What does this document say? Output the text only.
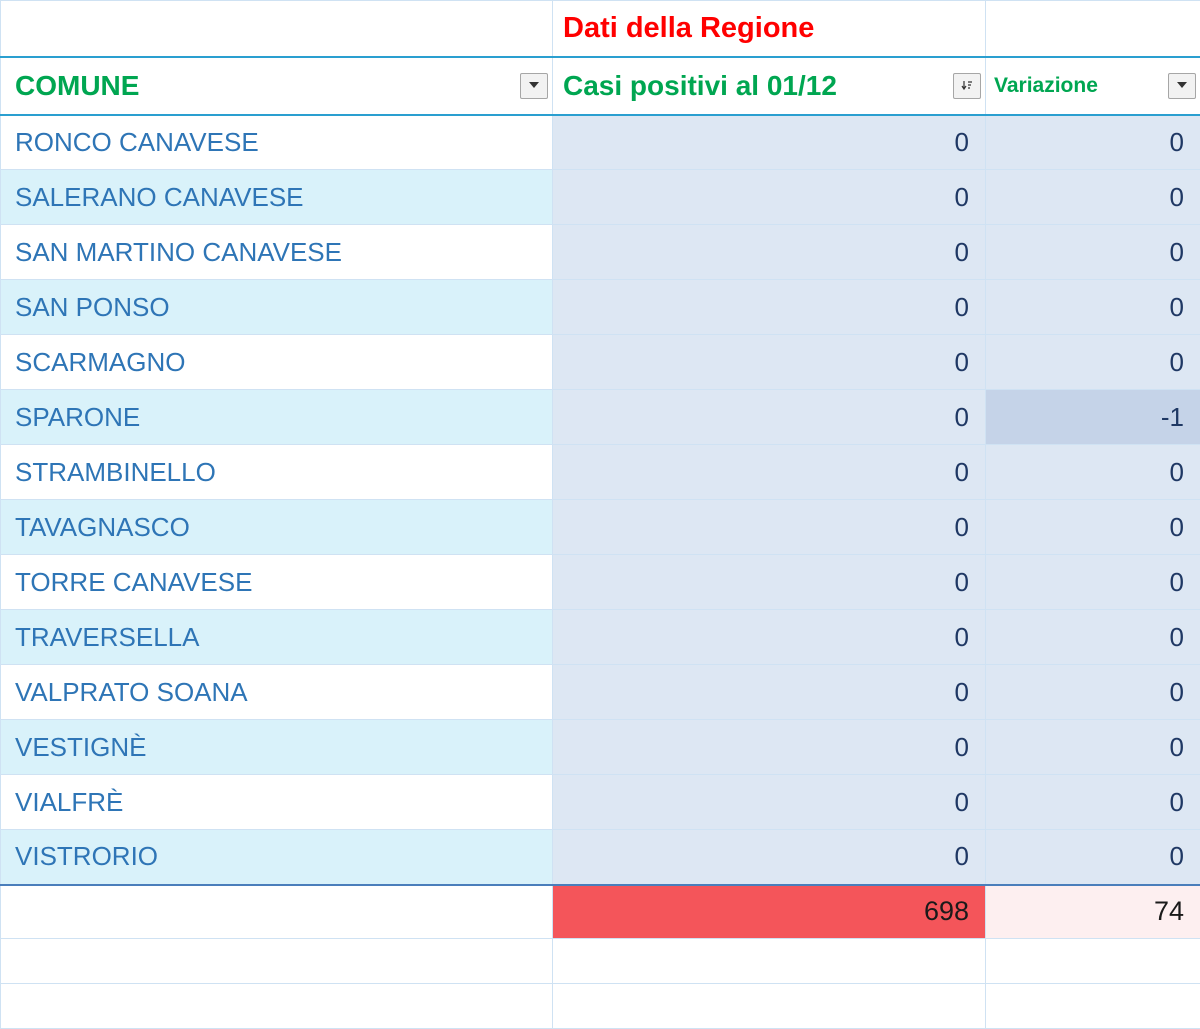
	Dati della Regione	
COMUNE	Casi positivi al 01/12	Variazione

RONCO CANAVESE	0	0
SALERANO CANAVESE	0	0
SAN MARTINO CANAVESE	0	0
SAN PONSO	0	0
SCARMAGNO	0	0
SPARONE	0	-1
STRAMBINELLO	0	0
TAVAGNASCO	0	0
TORRE CANAVESE	0	0
TRAVERSELLA	0	0
VALPRATO SOANA	0	0
VESTIGNÈ	0	0
VIALFRÈ	0	0
VISTRORIO	0	0
	698	74
